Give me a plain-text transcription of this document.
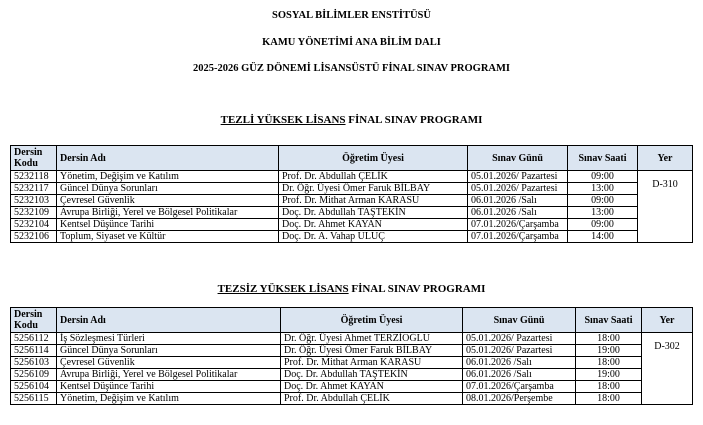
SOSYAL BİLİMLER ENSTİTÜSÜ
KAMU YÖNETİMİ ANA BİLİM DALI
2025-2026 GÜZ DÖNEMİ LİSANSÜSTÜ FİNAL SINAV PROGRAMI
TEZLİ YÜKSEK LİSANS FİNAL SINAV PROGRAMI
Dersin
Kodu	Dersin Adı	Öğretim Üyesi	Sınav Günü	Sınav Saati	Yer
5232118	Yönetim, Değişim ve Katılım	Prof. Dr. Abdullah ÇELİK	05.01.2026/ Pazartesi	09:00	D-310
5232117	Güncel Dünya Sorunları	Dr. Öğr. Üyesi Ömer Faruk BİLBAY	05.01.2026/ Pazartesi	13:00	
5232103	Çevresel Güvenlik	Prof. Dr. Mithat Arman KARASU	06.01.2026 /Salı	09:00	
5232109	Avrupa Birliği, Yerel ve Bölgesel Politikalar	Doç. Dr. Abdullah TAŞTEKİN	06.01.2026 /Salı	13:00	
5232104	Kentsel Düşünce Tarihi	Doç. Dr. Ahmet KAYAN	07.01.2026/Çarşamba	09:00	
5232106	Toplum, Siyaset ve Kültür	Doç. Dr. A. Vahap ULUÇ	07.01.2026/Çarşamba	14:00	
TEZSİZ YÜKSEK LİSANS FİNAL SINAV PROGRAMI
Dersin
Kodu	Dersin Adı	Öğretim Üyesi	Sınav Günü	Sınav Saati	Yer
5256112	İş Sözleşmesi Türleri	Dr. Öğr. Üyesi Ahmet TERZİOĞLU	05.01.2026/ Pazartesi	18:00	D-302
5256114	Güncel Dünya Sorunları	Dr. Öğr. Üyesi Ömer Faruk BİLBAY	05.01.2026/ Pazartesi	19:00	
5256103	Çevresel Güvenlik	Prof. Dr. Mithat Arman KARASU	06.01.2026 /Salı	18:00	
5256109	Avrupa Birliği, Yerel ve Bölgesel Politikalar	Doç. Dr. Abdullah TAŞTEKİN	06.01.2026 /Salı	19:00	
5256104	Kentsel Düşünce Tarihi	Doç. Dr. Ahmet KAYAN	07.01.2026/Çarşamba	18:00	
5256115	Yönetim, Değişim ve Katılım	Prof. Dr. Abdullah ÇELİK	08.01.2026/Perşembe	18:00	
